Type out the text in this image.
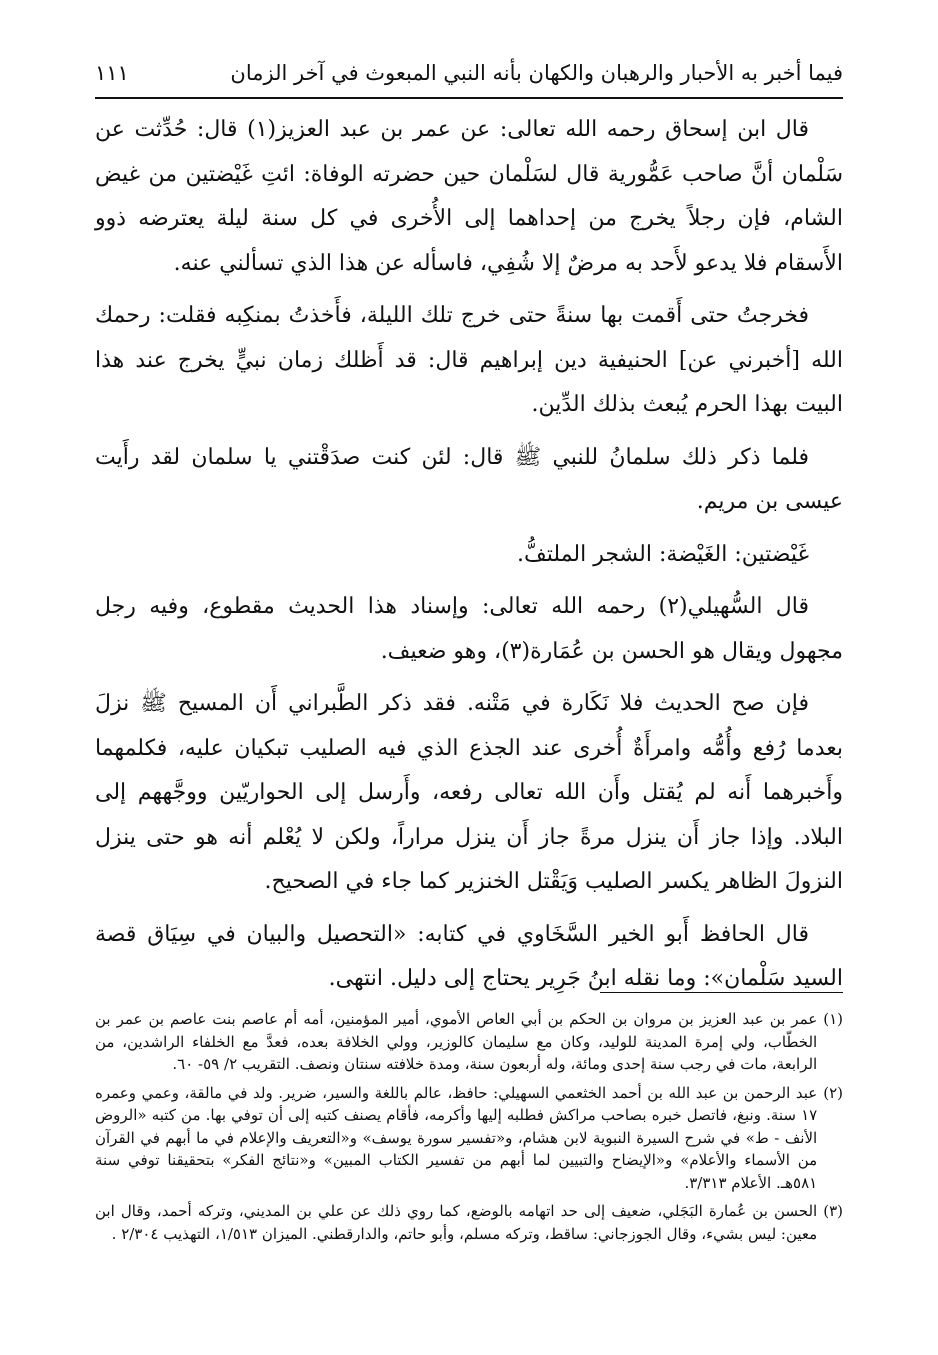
فيما أخبر به الأحبار والرهبان والكهان بأنه النبي المبعوث في آخر الزمان
١١١

قال ابن إسحاق رحمه الله تعالى: عن عمر بن عبد العزيز(١) قال: حُدِّثت عن سَلْمان أنَّ صاحب عَمُّورية قال لسَلْمان حين حضرته الوفاة: ائتِ غَيْضتين من غيض الشام، فإن رجلاً يخرج من إحداهما إلى الأُخرى في كل سنة ليلة يعترضه ذوو الأَسقام فلا يدعو لأَحد به مرضٌ إلا شُفِي، فاسأله عن هذا الذي تسألني عنه.

فخرجتُ حتى أَقمت بها سنةً حتى خرج تلك الليلة، فأَخذتُ بمنكِبه فقلت: رحمك الله [أخبرني عن] الحنيفية دين إبراهيم قال: قد أَظلك زمان نبيٍّ يخرج عند هذا البيت بهذا الحرم يُبعث بذلك الدِّين.

فلما ذكر ذلك سلمانُ للنبي ﷺ قال: لئن كنت صدَقْتني يا سلمان لقد رأَيت عيسى بن مريم.

غَيْضتين: الغَيْضة: الشجر الملتفُّ.

قال السُّهيلي(٢) رحمه الله تعالى: وإسناد هذا الحديث مقطوع، وفيه رجل مجهول ويقال هو الحسن بن عُمَارة(٣)، وهو ضعيف.

فإن صح الحديث فلا نَكَارة في مَتْنه. فقد ذكر الطَّبراني أَن المسيح ﷺ نزلَ بعدما رُفع وأُمُّه وامرأَةٌ أُخرى عند الجذع الذي فيه الصليب تبكيان عليه، فكلمهما وأَخبرهما أَنه لم يُقتل وأَن الله تعالى رفعه، وأَرسل إلى الحواريّين ووجَّههم إلى البلاد. وإذا جاز أَن ينزل مرةً جاز أَن ينزل مراراً، ولكن لا يُعْلم أنه هو حتى ينزل النزولَ الظاهر يكسر الصليب وَيَقْتل الخنزير كما جاء في الصحيح.

قال الحافظ أَبو الخير السَّخَاوي في كتابه: «التحصيل والبيان في سِيَاق قصة السيد سَلْمان»: وما نقله ابنُ جَرِير يحتاج إلى دليل. انتهى.

(١)
عمر بن عبد العزيز بن مروان بن الحكم بن أبي العاص الأموي، أمير المؤمنين، أمه أم عاصم بنت عاصم بن عمر بن الخطّاب، ولي إمرة المدينة للوليد، وكان مع سليمان كالوزير، وولي الخلافة بعده، فعدَّ مع الخلفاء الراشدين، من الرابعة، مات في رجب سنة إحدى ومائة، وله أربعون سنة، ومدة خلافته سنتان ونصف. التقريب ٢/ ٥٩- ٦٠.
(٢)
عبد الرحمن بن عبد الله بن أحمد الخثعمي السهيلي: حافظ، عالم باللغة والسير، ضرير. ولد في مالقة، وعمي وعمره ١٧ سنة. ونبغ، فاتصل خبره بصاحب مراكش فطلبه إليها وأكرمه، فأقام يصنف كتبه إلى أن توفي بها. من كتبه «الروض الأنف - ط» في شرح السيرة النبوية لابن هشام، و«تفسير سورة يوسف» و«التعريف والإعلام في ما أبهم في القرآن من الأسماء والأعلام» و«الإيضاح والتبيين لما أبهم من تفسير الكتاب المبين» و«نتائج الفكر» بتحقيقنا توفي سنة ٥٨١هـ. الأعلام ٣/٣١٣.
(٣)
الحسن بن عُمارة البَجَلي، ضعيف إلى حد اتهامه بالوضع، كما روي ذلك عن علي بن المديني، وتركه أحمد، وقال ابن معين: ليس بشيء، وقال الجوزجاني: ساقط، وتركه مسلم، وأبو حاتم، والدارقطني. الميزان ١/٥١٣، التهذيب ٢/٣٠٤ .
